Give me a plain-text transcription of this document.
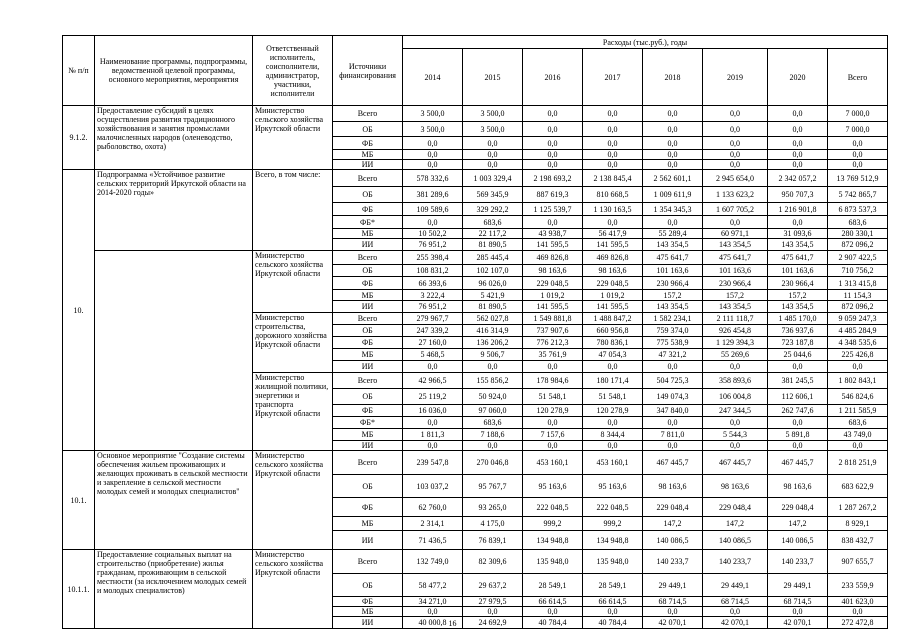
№ п/п	Наименование программы, подпрограммы, ведомственной целевой программы, основного мероприятия, мероприятия	Ответственный исполнитель, соисполнители, администратор, участники, исполнители	Источники финансирования	Расходы (тыс.руб.), годы							
				2014	2015	2016	2017	2018	2019	2020	Всего
9.1.2.	Предоставление субсидий в целях осуществления развития традиционного хозяйствования и занятия промыслами малочисленных народов (оленеводство, рыболовство, охота)	Министерство сельского хозяйства Иркутской области	Всего	3 500,0	3 500,0	0,0	0,0	0,0	0,0	0,0	7 000,0
			ОБ	3 500,0	3 500,0	0,0	0,0	0,0	0,0	0,0	7 000,0
			ФБ	0,0	0,0	0,0	0,0	0,0	0,0	0,0	0,0
			МБ	0,0	0,0	0,0	0,0	0,0	0,0	0,0	0,0
			ИИ	0,0	0,0	0,0	0,0	0,0	0,0	0,0	0,0
10.	Подпрограмма «Устойчивое развитие сельских территорий Иркутской области на 2014-2020 годы»	Всего, в том числе:	Всего	578 332,6	1 003 329,4	2 198 693,2	2 138 845,4	2 562 601,1	2 945 654,0	2 342 057,2	13 769 512,9
			ОБ	381 289,6	569 345,9	887 619,3	810 668,5	1 009 611,9	1 133 623,2	950 707,3	5 742 865,7
			ФБ	109 589,6	329 292,2	1 125 539,7	1 130 163,5	1 354 345,3	1 607 705,2	1 216 901,8	6 873 537,3
			ФБ*	0,0	683,6	0,0	0,0	0,0	0,0	0,0	683,6
			МБ	10 502,2	22 117,2	43 938,7	56 417,9	55 289,4	60 971,1	31 093,6	280 330,1
			ИИ	76 951,2	81 890,5	141 595,5	141 595,5	143 354,5	143 354,5	143 354,5	872 096,2
		Министерство сельского хозяйства Иркутской области	Всего	255 398,4	285 445,4	469 826,8	469 826,8	475 641,7	475 641,7	475 641,7	2 907 422,5
			ОБ	108 831,2	102 107,0	98 163,6	98 163,6	101 163,6	101 163,6	101 163,6	710 756,2
			ФБ	66 393,6	96 026,0	229 048,5	229 048,5	230 966,4	230 966,4	230 966,4	1 313 415,8
			МБ	3 222,4	5 421,9	1 019,2	1 019,2	157,2	157,2	157,2	11 154,3
			ИИ	76 951,2	81 890,5	141 595,5	141 595,5	143 354,5	143 354,5	143 354,5	872 096,2
		Министерство строительства, дорожного хозяйства Иркутской области	Всего	279 967,7	562 027,8	1 549 881,8	1 488 847,2	1 582 234,1	2 111 118,7	1 485 170,0	9 059 247,3
			ОБ	247 339,2	416 314,9	737 907,6	660 956,8	759 374,0	926 454,8	736 937,6	4 485 284,9
			ФБ	27 160,0	136 206,2	776 212,3	780 836,1	775 538,9	1 129 394,3	723 187,8	4 348 535,6
			МБ	5 468,5	9 506,7	35 761,9	47 054,3	47 321,2	55 269,6	25 044,6	225 426,8
			ИИ	0,0	0,0	0,0	0,0	0,0	0,0	0,0	0,0
		Министерство жилищной политики, энергетики и транспорта Иркутской области	Всего	42 966,5	155 856,2	178 984,6	180 171,4	504 725,3	358 893,6	381 245,5	1 802 843,1
			ОБ	25 119,2	50 924,0	51 548,1	51 548,1	149 074,3	106 004,8	112 606,1	546 824,6
			ФБ	16 036,0	97 060,0	120 278,9	120 278,9	347 840,0	247 344,5	262 747,6	1 211 585,9
			ФБ*	0,0	683,6	0,0	0,0	0,0	0,0	0,0	683,6
			МБ	1 811,3	7 188,6	7 157,6	8 344,4	7 811,0	5 544,3	5 891,8	43 749,0
			ИИ	0,0	0,0	0,0	0,0	0,0	0,0	0,0	0,0
10.1.	Основное мероприятие "Создание системы обеспечения жильем проживающих и желающих проживать в сельской местности и закрепление в сельской местности молодых семей и молодых специалистов"	Министерство сельского хозяйства Иркутской области	Всего	239 547,8	270 046,8	453 160,1	453 160,1	467 445,7	467 445,7	467 445,7	2 818 251,9
			ОБ	103 037,2	95 767,7	95 163,6	95 163,6	98 163,6	98 163,6	98 163,6	683 622,9
			ФБ	62 760,0	93 265,0	222 048,5	222 048,5	229 048,4	229 048,4	229 048,4	1 287 267,2
			МБ	2 314,1	4 175,0	999,2	999,2	147,2	147,2	147,2	8 929,1
			ИИ	71 436,5	76 839,1	134 948,8	134 948,8	140 086,5	140 086,5	140 086,5	838 432,7
10.1.1.	Предоставление социальных выплат на строительство (приобретение) жилья гражданам, проживающим в сельской местности (за исключением молодых семей и молодых специалистов)	Министерство сельского хозяйства Иркутской области	Всего	132 749,0	82 309,6	135 948,0	135 948,0	140 233,7	140 233,7	140 233,7	907 655,7
			ОБ	58 477,2	29 637,2	28 549,1	28 549,1	29 449,1	29 449,1	29 449,1	233 559,9
			ФБ	34 271,0	27 979,5	66 614,5	66 614,5	68 714,5	68 714,5	68 714,5	401 623,0
			МБ	0,0	0,0	0,0	0,0	0,0	0,0	0,0	0,0
			ИИ	40 000,8	24 692,9	40 784,4	40 784,4	42 070,1	42 070,1	42 070,1	272 472,8
16
